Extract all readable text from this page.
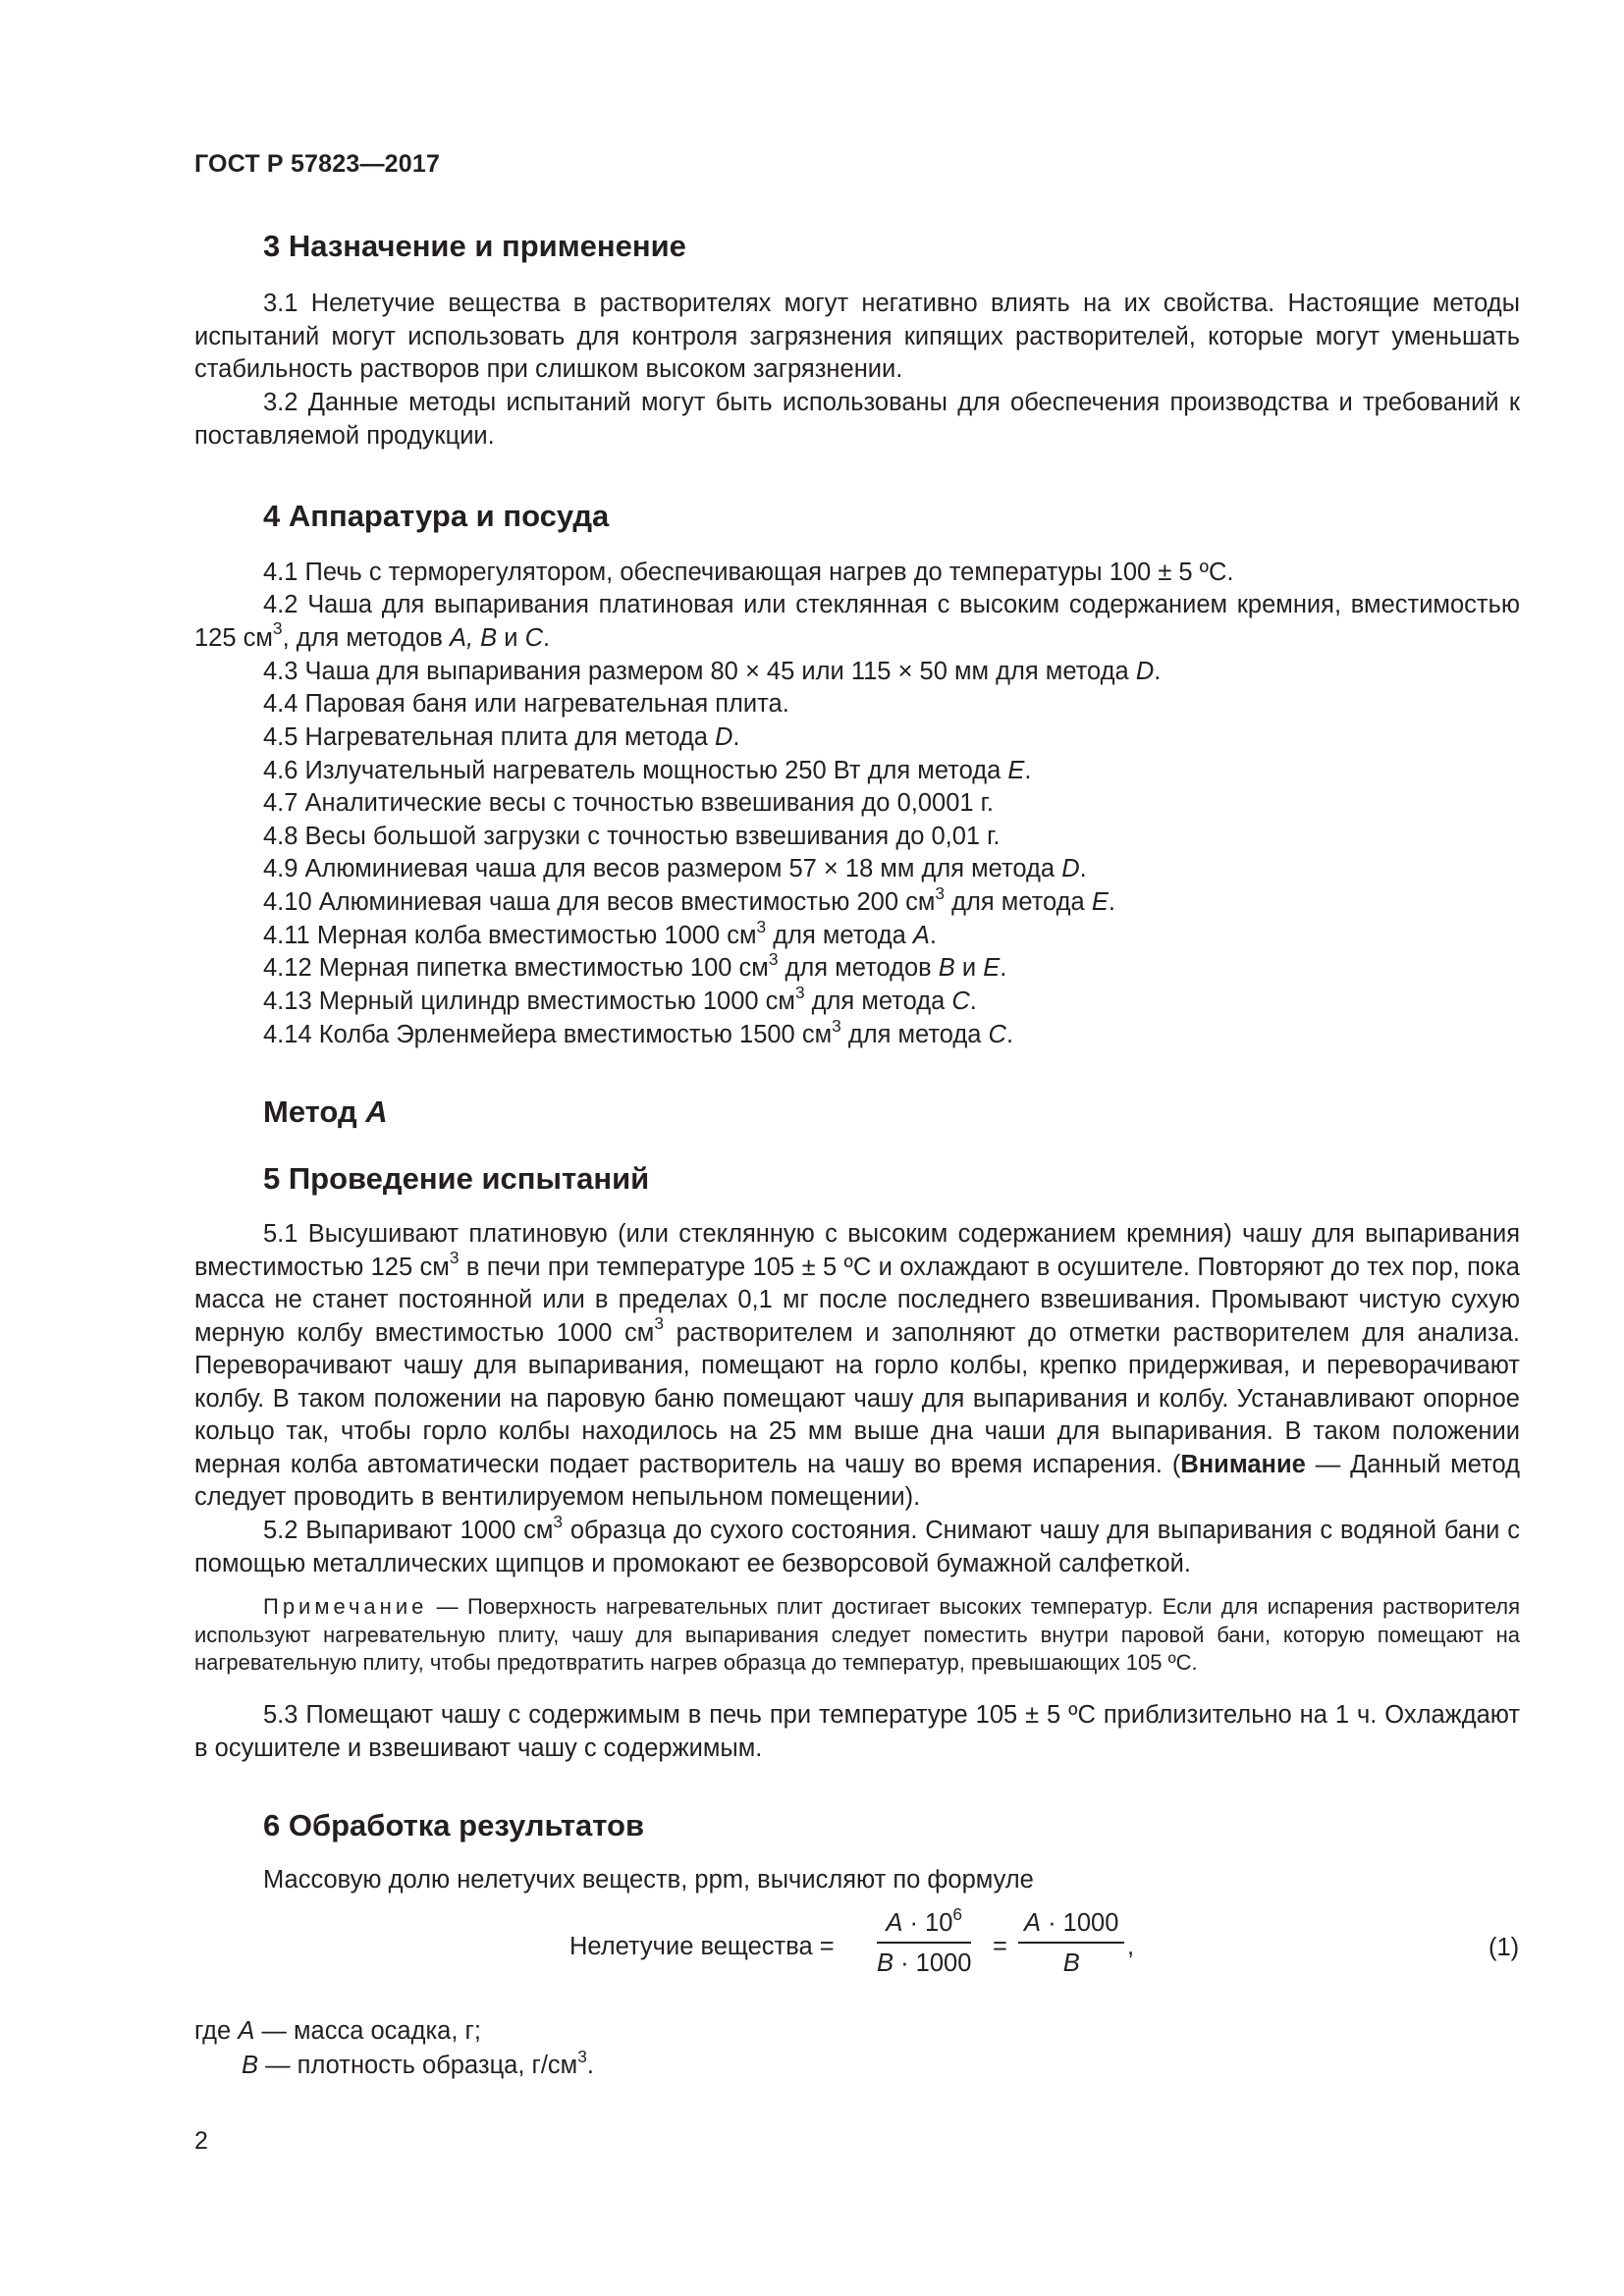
ГОСТ Р 57823—2017
3 Назначение и применение

3.1 Нелетучие вещества в растворителях могут негативно влиять на их свойства. Настоящие методы испытаний могут использовать для контроля загрязнения кипящих растворителей, которые могут уменьшать стабильность растворов при слишком высоком загрязнении.

3.2 Данные методы испытаний могут быть использованы для обеспечения производства и требований к поставляемой продукции.

4 Аппаратура и посуда

4.1 Печь с терморегулятором, обеспечивающая нагрев до температуры 100 ± 5 ºС.

4.2 Чаша для выпаривания платиновая или стеклянная с высоким содержанием кремния, вместимостью 125 $см^3$, для методов А, В и С.

4.3 Чаша для выпаривания размером 80 × 45 или 115 × 50 мм для метода D.

4.4 Паровая баня или нагревательная плита.

4.5 Нагревательная плита для метода D.

4.6 Излучательный нагреватель мощностью 250 Вт для метода Е.

4.7 Аналитические весы с точностью взвешивания до 0,0001 г.

4.8 Весы большой загрузки с точностью взвешивания до 0,01 г.

4.9 Алюминиевая чаша для весов размером 57 × 18 мм для метода D.

4.10 Алюминиевая чаша для весов вместимостью 200 $см^3$ для метода Е.

4.11 Мерная колба вместимостью 1000 $см^3$ для метода А.

4.12 Мерная пипетка вместимостью 100 $см^3$ для методов В и Е.

4.13 Мерный цилиндр вместимостью 1000 $см^3$ для метода С.

4.14 Колба Эрленмейера вместимостью 1500 $см^3$ для метода С.

Метод А
5 Проведение испытаний

5.1 Высушивают платиновую (или стеклянную с высоким содержанием кремния) чашу для выпаривания вместимостью 125 $см^3$ в печи при температуре 105 ± 5 ºС и охлаждают в осушителе. Повторяют до тех пор, пока масса не станет постоянной или в пределах 0,1 мг после последнего взвешивания. Промывают чистую сухую мерную колбу вместимостью 1000 $см^3$ растворителем и заполняют до отметки растворителем для анализа. Переворачивают чашу для выпаривания, помещают на горло колбы, крепко придерживая, и переворачивают колбу. В таком положении на паровую баню помещают чашу для выпаривания и колбу. Устанавливают опорное кольцо так, чтобы горло колбы находилось на 25 мм выше дна чаши для выпаривания. В таком положении мерная колба автоматически подает растворитель на чашу во время испарения. (Внимание — Данный метод следует проводить в вентилируемом непыльном помещении).

5.2 Выпаривают 1000 $см^3$ образца до сухого состояния. Снимают чашу для выпаривания с водяной бани с помощью металлических щипцов и промокают ее безворсовой бумажной салфеткой.

Примечание — Поверхность нагревательных плит достигает высоких температур. Если для испарения растворителя используют нагревательную плиту, чашу для выпаривания следует поместить внутри паровой бани, которую помещают на нагревательную плиту, чтобы предотвратить нагрев образца до температур, превышающих 105 ºС.

5.3 Помещают чашу с содержимым в печь при температуре 105 ± 5 ºС приблизительно на 1 ч. Охлаждают в осушителе и взвешивают чашу с содержимым.

6 Обработка результатов

Массовую долю нелетучих веществ, ppm, вычисляют по формуле

Нелетучие вещества =
$А \cdot 10^6$
В · 1000
=
А · 1000
В
,	(1)
где А — масса осадка, г;
В — плотность образца, $г/см^3$.
2
